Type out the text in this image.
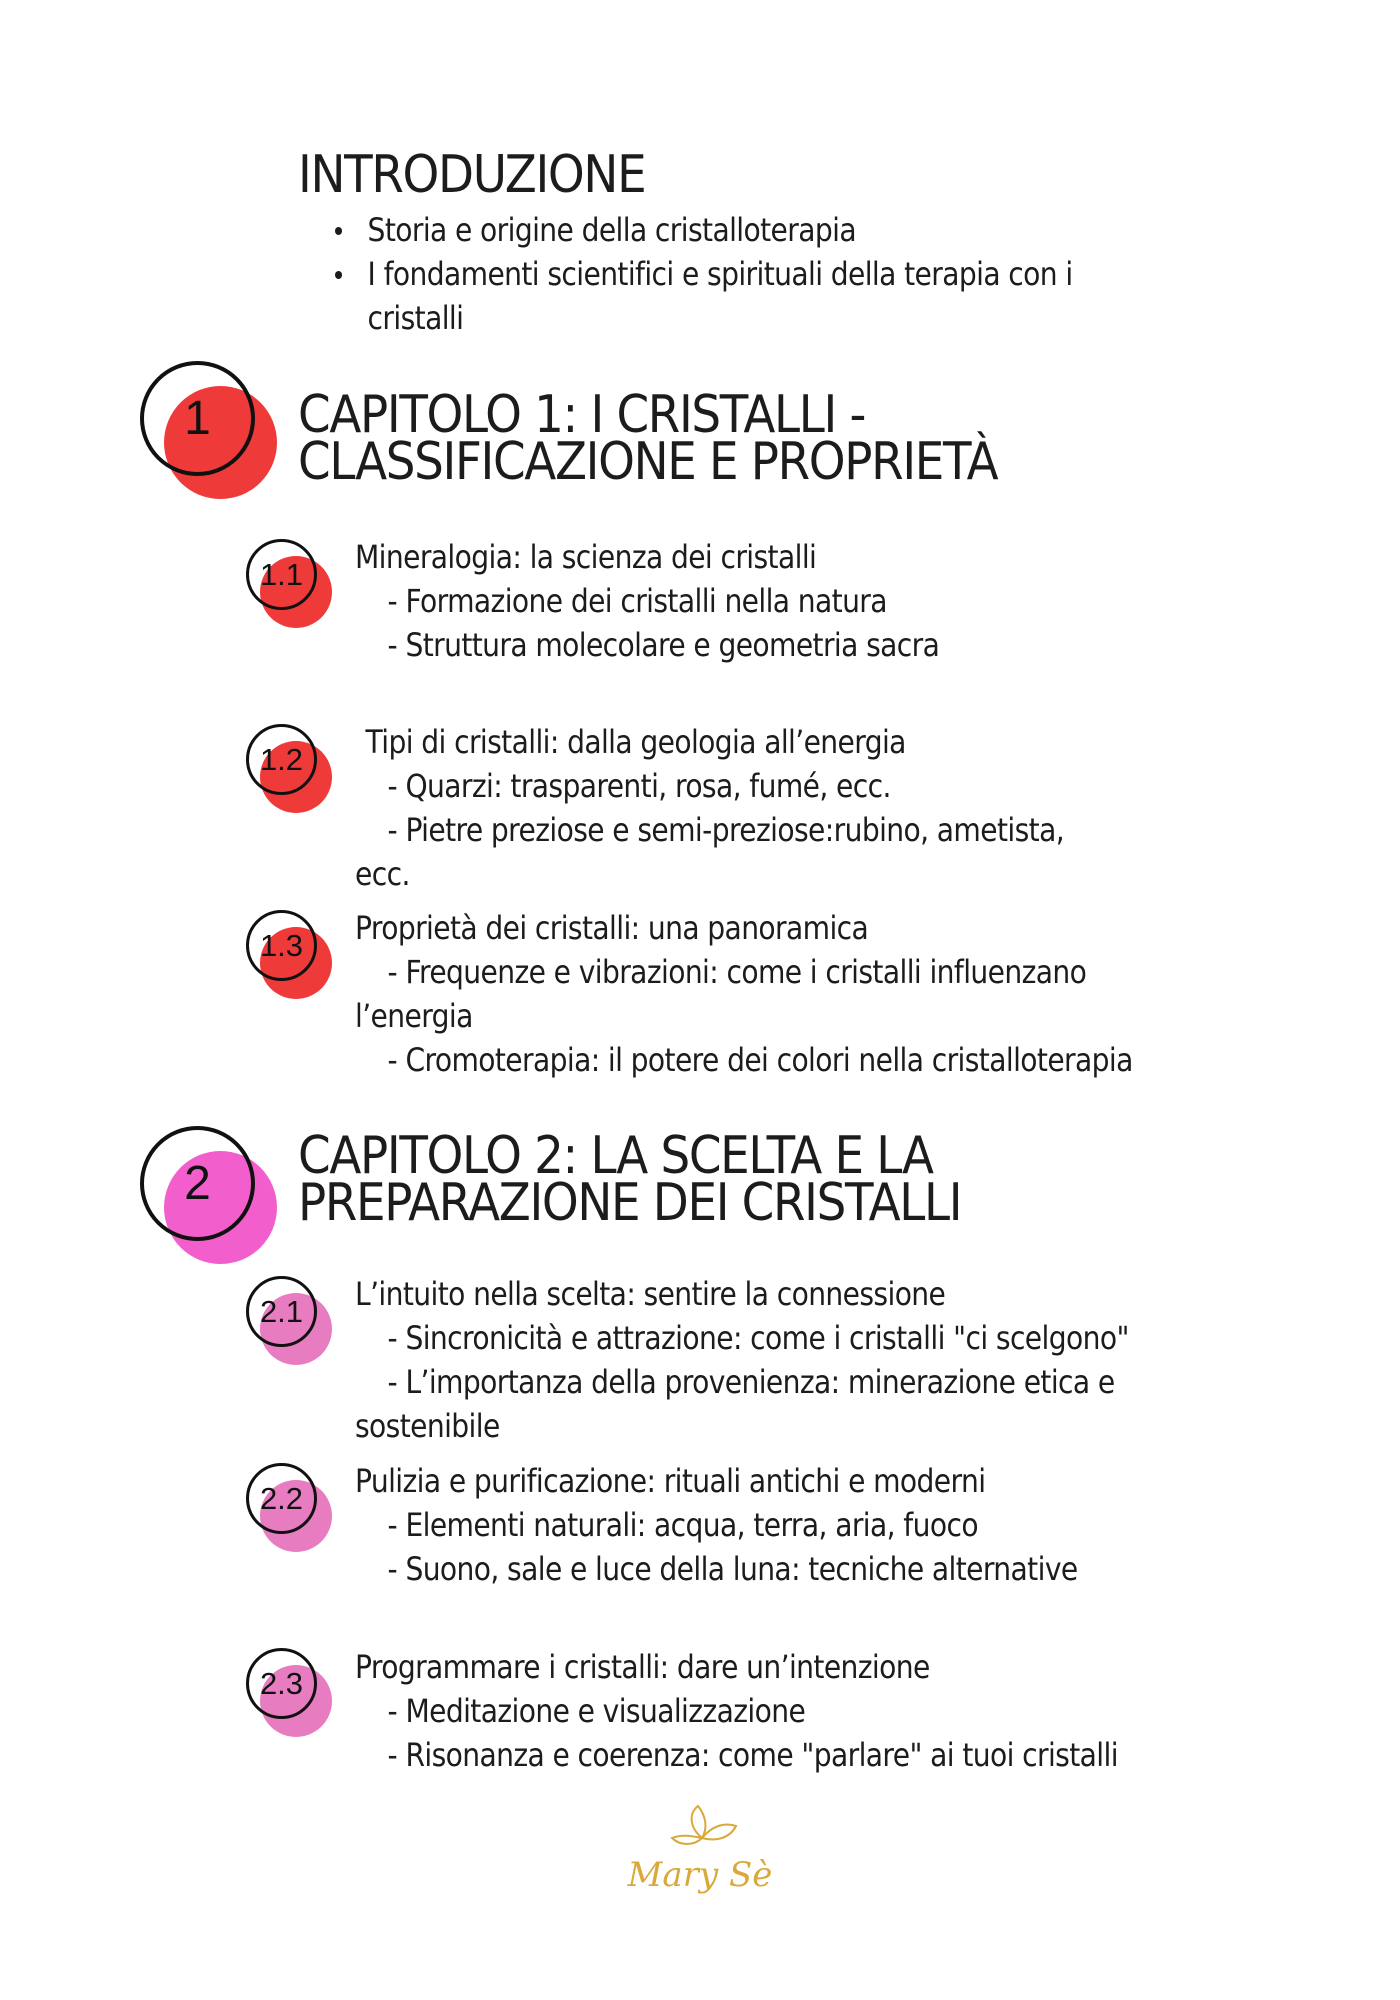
INTRODUZIONE
Storia e origine della cristalloterapia
I fondamenti scientifici e spirituali della terapia con i
cristalli
1	CAPITOLO 1: I CRISTALLI -
CLASSIFICAZIONE E PROPRIETÀ
1.1	Mineralogia: la scienza dei cristalli
- Formazione dei cristalli nella natura
- Struttura molecolare e geometria sacra
1.2	Tipi di cristalli: dalla geologia all’energia
- Quarzi: trasparenti, rosa, fumé, ecc.
- Pietre preziose e semi-preziose:rubino, ametista,
ecc.
1.3	Proprietà dei cristalli: una panoramica
- Frequenze e vibrazioni: come i cristalli influenzano
l’energia
- Cromoterapia: il potere dei colori nella cristalloterapia
2	CAPITOLO 2: LA SCELTA E LA
PREPARAZIONE DEI CRISTALLI
2.1	L’intuito nella scelta: sentire la connessione
- Sincronicità e attrazione: come i cristalli "ci scelgono"
- L’importanza della provenienza: minerazione etica e
sostenibile
2.2	Pulizia e purificazione: rituali antichi e moderni
- Elementi naturali: acqua, terra, aria, fuoco
- Suono, sale e luce della luna: tecniche alternative
2.3	Programmare i cristalli: dare un’intenzione
- Meditazione e visualizzazione
- Risonanza e coerenza: come "parlare" ai tuoi cristalli
Mary Sè
